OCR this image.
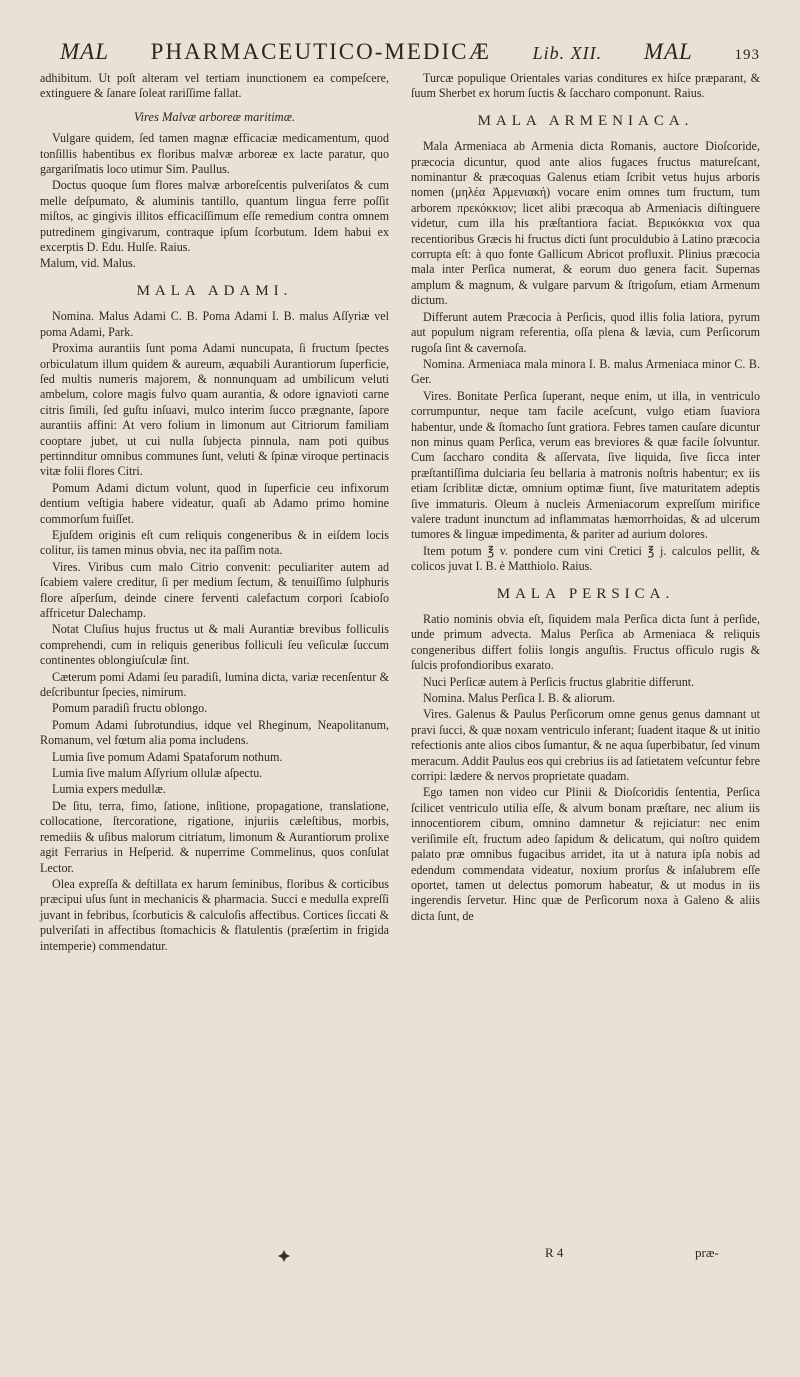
MAL PHARMACEUTICO-MEDICÆ Lib. XII. MAL	193

adhibitum. Ut poſt alteram vel tertiam inunctionem ea compeſcere, extinguere & ſanare ſoleat rariſſime fallat.

Vires Malvæ arboreæ maritimæ.

Vulgare quidem, ſed tamen magnæ efficaciæ medicamentum, quod tonſillis habentibus ex floribus malvæ arboreæ ex lacte paratur, quo gargariſmatis loco utimur Sim. Paullus.

Doctus quoque ſum flores malvæ arboreſcentis pulveriſatos & cum melle deſpumato, & aluminis tantillo, quantum lingua ferre poſſit miſtos, ac gingivis illitos efficaciſſimum eſſe remedium contra omnem putredinem gingivarum, contraque ipſum ſcorbutum. Idem habui ex excerptis D. Edu. Hulſe. Raius.

Malum, vid. Malus.

MALA ADAMI.

Nomina. Malus Adami C. B. Poma Adami I. B. malus Aſſyriæ vel poma Adami, Park.

Proxima aurantiis ſunt poma Adami nuncupata, ſi fructum ſpectes orbiculatum illum quidem & aureum, æquabili Aurantiorum ſuperficie, ſed multis numeris majorem, & nonnunquam ad umbilicum veluti ambelum, colore magis fulvo quam aurantia, & odore ignavioti carne citris ſimili, ſed guſtu inſuavi, mulco interim ſucco prægnante, ſapore aurantiis affini: At vero folium in limonum aut Citriorum familiam cooptare jubet, ut cui nulla ſubjecta pinnula, nam poti quibus pertinnditur omnibus communes ſunt, veluti & ſpinæ viroque pertinacis vitæ folii flores Citri.

Pomum Adami dictum volunt, quod in ſuperficie ceu infixorum dentium veſtigia habere videatur, quaſi ab Adamo primo homine commorſum fuiſſet.

Ejuſdem originis eſt cum reliquis congeneribus & in eiſdem locis colitur, iis tamen minus obvia, nec ita paſſim nota.

Vires. Viribus cum malo Citrio convenit: peculiariter autem ad ſcabiem valere creditur, ſi per medium ſectum, & tenuiſſimo ſulphuris flore aſperſum, deinde cinere ferventi calefactum corpori ſcabioſo affricetur Dalechamp.

Notat Cluſius hujus fructus ut & mali Aurantiæ brevibus folliculis comprehendi, cum in reliquis generibus folliculi ſeu veſiculæ ſuccum continentes oblongiuſculæ ſint.

Cæterum pomi Adami ſeu paradiſi, lumina dicta, variæ recenſentur & deſcribuntur ſpecies, nimirum.

Pomum paradiſi fructu oblongo.

Pomum Adami ſubrotundius, idque vel Rheginum, Neapolitanum, Romanum, vel fœtum alia poma includens.

Lumia ſive pomum Adami Spataforum nothum.

Lumia ſive malum Aſſyrium ollulæ aſpectu.

Lumia expers medullæ.

De ſitu, terra, fimo, ſatione, inſitione, propagatione, translatione, collocatione, ſtercoratione, rigatione, injuriis cæleſtibus, morbis, remediis & uſibus malorum citriatum, limonum & Aurantiorum prolixe agit Ferrarius in Heſperid. & nuperrime Commelinus, quos conſulat Lector.

Olea expreſſa & deſtillata ex harum ſeminibus, floribus & corticibus præcipui uſus ſunt in mechanicis & pharmacia. Succi e medulla expreſſi juvant in febribus, ſcorbuticis & calculoſis affectibus. Cortices ſiccati & pulveriſati in affectibus ſtomachicis & flatulentis (præſertim in frigida intemperie) commendatur.

Turcæ populique Orientales varias conditures ex hiſce præparant, & ſuum Sherbet ex horum ſuctis & ſaccharo componunt. Raius.

MALA ARMENIACA.

Mala Armeniaca ab Armenia dicta Romanis, auctore Dioſcoride, præcocia dicuntur, quod ante alios fugaces fructus matureſcant, nominantur & præcoquas Galenus etiam ſcribit vetus hujus arboris nomen (μηλέα Ἀρμενιακή) vocare enim omnes tum fructum, tum arborem πρεκόκκιον; licet alibi præcoqua ab Armeniacis diſtinguere videtur, cum illa his præſtantiora faciat. Βερικόκκια vox qua recentioribus Græcis hi fructus dicti ſunt proculdubio à Latino præcocia corrupta eſt: à quo fonte Gallicum Abricot profluxit. Plinius præcocia mala inter Perſica numerat, & eorum duo genera facit. Supernas amplum & magnum, & vulgare parvum & ſtrigoſum, etiam Armenum dictum.

Differunt autem Præcocia à Perſicis, quod illis folia latiora, pyrum aut populum nigram referentia, oſſa plena & lævia, cum Perſicorum rugoſa ſint & cavernoſa.

Nomina. Armeniaca mala minora I. B. malus Armeniaca minor C. B. Ger.

Vires. Bonitate Perſica ſuperant, neque enim, ut illa, in ventriculo corrumpuntur, neque tam facile aceſcunt, vulgo etiam ſuaviora habentur, unde & ſtomacho ſunt gratiora. Febres tamen cauſare dicuntur non minus quam Perſica, verum eas breviores & quæ facile ſolvuntur. Cum ſaccharo condita & aſſervata, ſive liquida, ſive ſicca inter præſtantiſſima dulciaria ſeu bellaria à matronis noſtris habentur; ex iis etiam ſcriblitæ dictæ, omnium optimæ fiunt, ſive maturitatem adeptis ſive immaturis. Oleum à nucleis Armeniacorum expreſſum mirifice valere tradunt inunctum ad inflammatas hæmorrhoidas, & ad ulcerum tumores & linguæ impedimenta, & pariter ad aurium dolores.

Item potum ℥ v. pondere cum vini Cretici ℥ j. calculos pellit, & colicos juvat I. B. è Matthiolo. Raius.

MALA PERSICA.

Ratio nominis obvia eſt, ſiquidem mala Perſica dicta ſunt à perſide, unde primum advecta. Malus Perſica ab Armeniaca & reliquis congeneribus differt foliis longis anguſtis. Fructus officulo rugis & ſulcis profondioribus exarato.

Nuci Perſicæ autem à Perſicis fructus glabritie differunt.

Nomina. Malus Perſica I. B. & aliorum.

Vires. Galenus & Paulus Perſicorum omne genus genus damnant ut pravi ſucci, & quæ noxam ventriculo inferant; ſuadent itaque & ut initio refectionis ante alios cibos ſumantur, & ne aqua ſuperbibatur, ſed vinum meracum. Addit Paulus eos qui crebrius iis ad ſatietatem veſcuntur febre corripi: lædere & nervos proprietate quadam.

Ego tamen non video cur Plinii & Dioſcoridis ſententia, Perſica ſcilicet ventriculo utilia eſſe, & alvum bonam præſtare, nec alium iis innocentiorem cibum, omnino damnetur & rejiciatur: nec enim veriſimile eſt, fructum adeo ſapidum & delicatum, qui noſtro quidem palato præ omnibus fugacibus arridet, ita ut à natura ipſa nobis ad edendum commendata videatur, noxium prorſus & inſalubrem eſſe oportet, tamen ut delectus pomorum habeatur, & ut modus in iis ingerendis ſervetur. Hinc quæ de Perſicorum noxa à Galeno & aliis dicta ſunt, de

R 4	præ-
